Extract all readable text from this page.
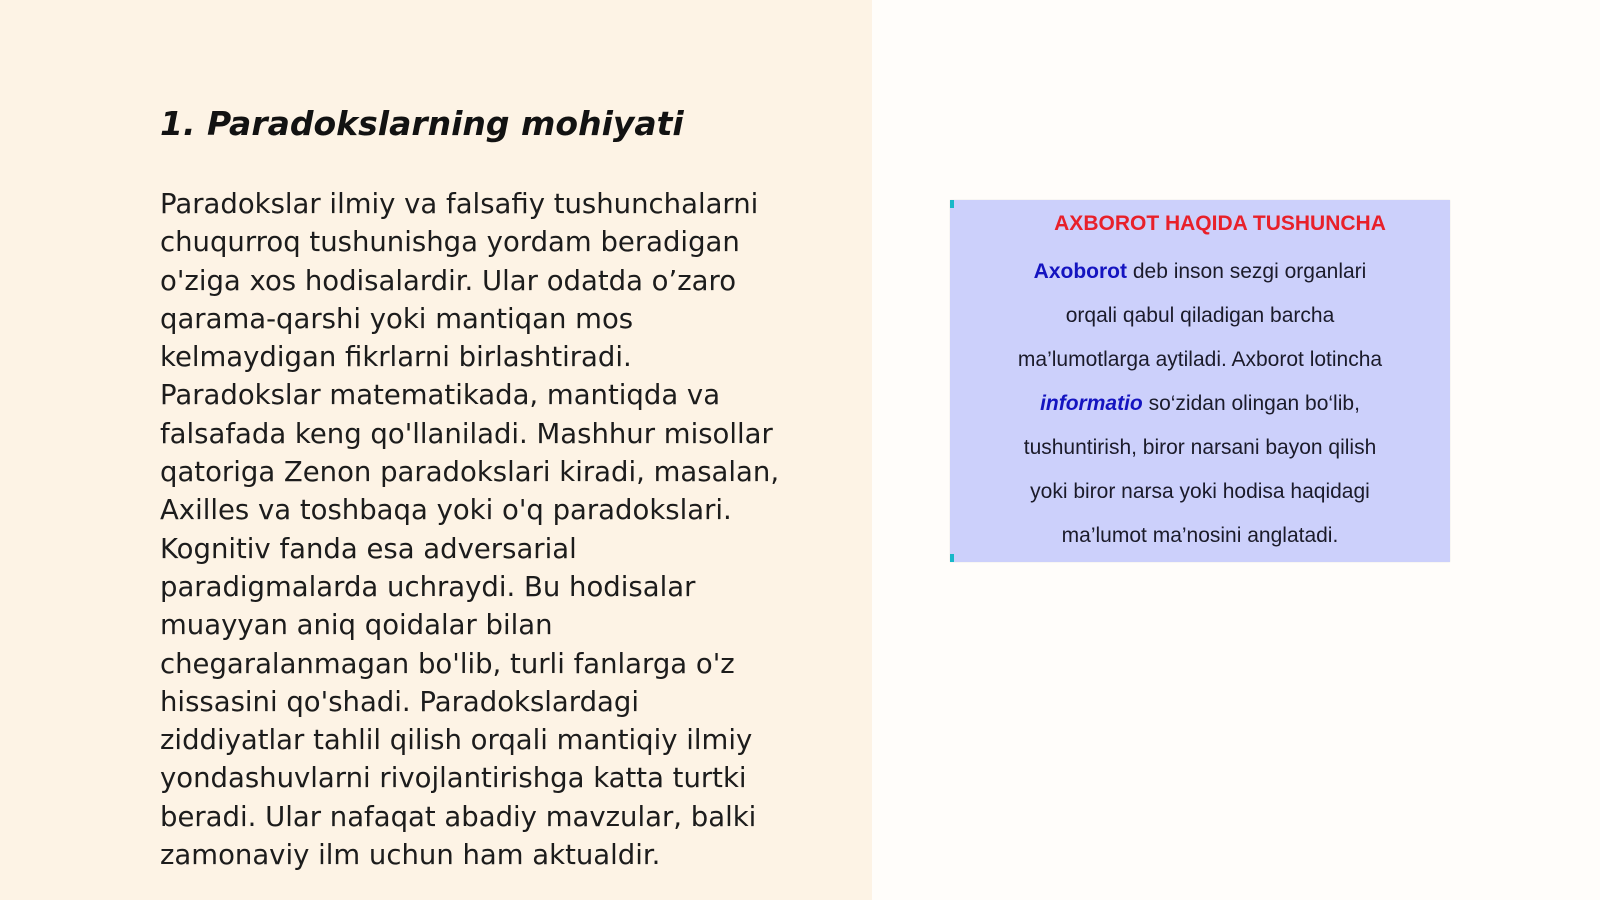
1. Paradokslarning mohiyati

Paradokslar ilmiy va falsafiy tushunchalarni
chuqurroq tushunishga yordam beradigan
o'ziga xos hodisalardir. Ular odatda o’zaro
qarama-qarshi yoki mantiqan mos
kelmaydigan fikrlarni birlashtiradi.
Paradokslar matematikada, mantiqda va
falsafada keng qo'llaniladi. Mashhur misollar
qatoriga Zenon paradokslari kiradi, masalan,
Axilles va toshbaqa yoki o'q paradokslari.
Kognitiv fanda esa adversarial
paradigmalarda uchraydi. Bu hodisalar
muayyan aniq qoidalar bilan
chegaralanmagan bo'lib, turli fanlarga o'z
hissasini qo'shadi. Paradokslardagi
ziddiyatlar tahlil qilish orqali mantiqiy ilmiy
yondashuvlarni rivojlantirishga katta turtki
beradi. Ular nafaqat abadiy mavzular, balki
zamonaviy ilm uchun ham aktualdir.

AXBOROT HAQIDA TUSHUNCHA

Axoborot deb inson sezgi organlari
orqali qabul qiladigan barcha
ma’lumotlarga aytiladi. Axborot lotincha
informatio so‘zidan olingan bo‘lib,
tushuntirish, biror narsani bayon qilish
yoki biror narsa yoki hodisa haqidagi
ma’lumot ma’nosini anglatadi.
